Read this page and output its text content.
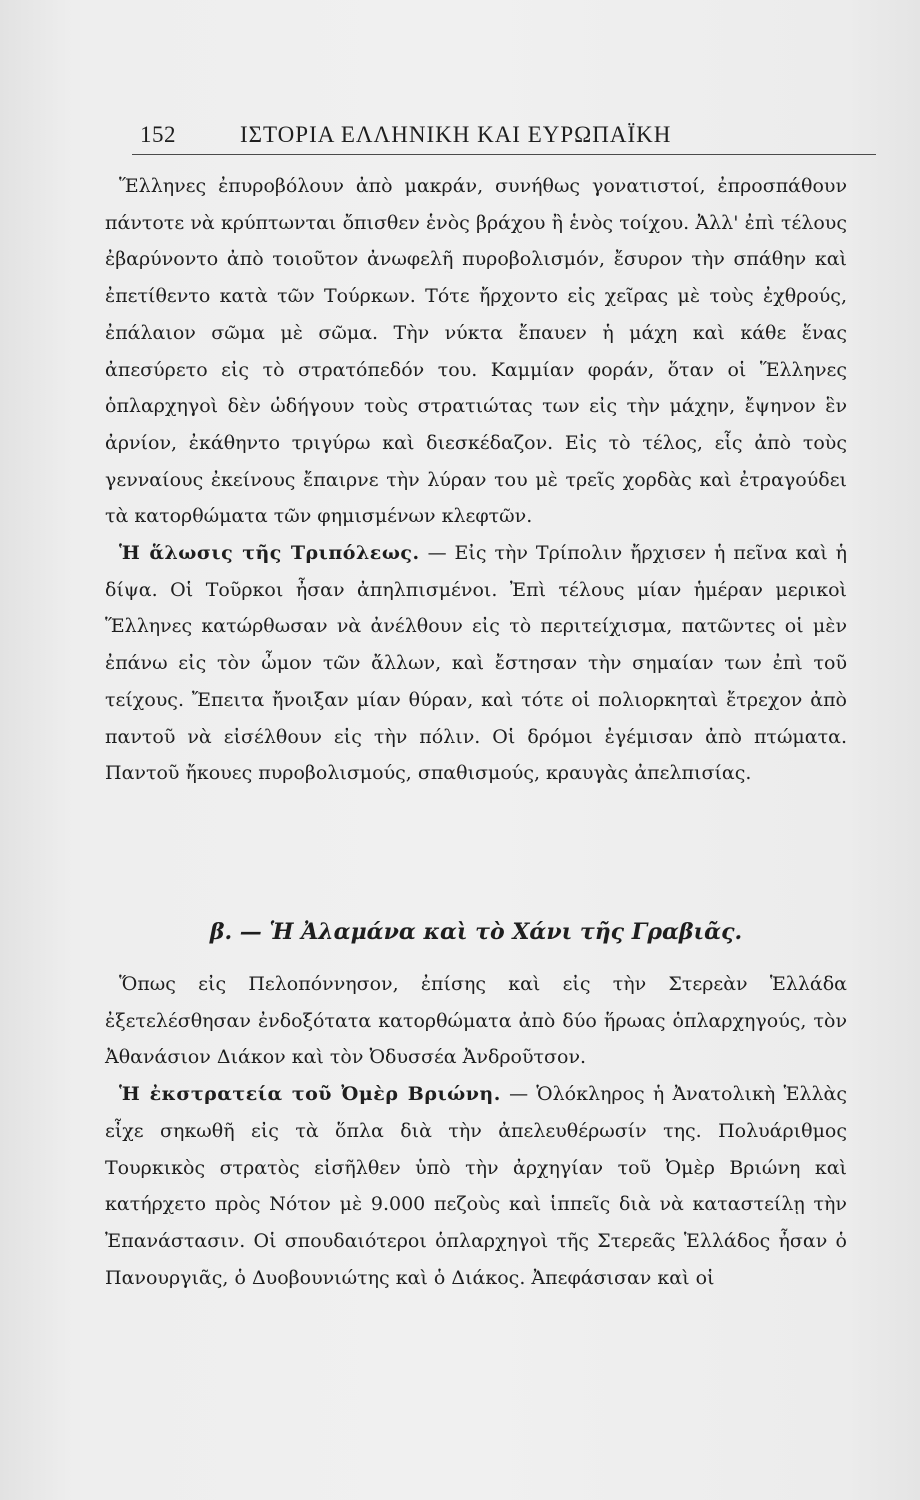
152	ΙΣΤΟΡΙΑ ΕΛΛΗΝΙΚΗ ΚΑΙ ΕΥΡΩΠΑΪΚΗ

Ἕλληνες ἐπυροβόλουν ἀπὸ μακράν, συνήθως γονατιστοί, ἐπροσπάθουν πάντοτε νὰ κρύπτωνται ὄπισθεν ἑνὸς βράχου ἢ ἑνὸς τοίχου. Ἀλλ' ἐπὶ τέλους ἐβαρύνοντο ἀπὸ τοιοῦτον ἀνωφελῆ πυροβολισμόν, ἔσυρον τὴν σπάθην καὶ ἐπετίθεντο κατὰ τῶν Τούρκων. Τότε ἤρχοντο εἰς χεῖρας μὲ τοὺς ἐχθρούς, ἐπάλαιον σῶμα μὲ σῶμα. Τὴν νύκτα ἔπαυεν ἡ μάχη καὶ κάθε ἕνας ἀπεσύρετο εἰς τὸ στρατόπεδόν του. Καμμίαν φοράν, ὅταν οἱ Ἕλληνες ὁπλαρχηγοὶ δὲν ὡδήγουν τοὺς στρατιώτας των εἰς τὴν μάχην, ἔψηνον ἓν ἀρνίον, ἐκάθηντο τριγύρω καὶ διεσκέδαζον. Εἰς τὸ τέλος, εἷς ἀπὸ τοὺς γενναίους ἐκείνους ἔπαιρνε τὴν λύραν του μὲ τρεῖς χορδὰς καὶ ἐτραγούδει τὰ κατορθώματα τῶν φημισμένων κλεφτῶν.

Ἡ ἅλωσις τῆς Τριπόλεως. — Εἰς τὴν Τρίπολιν ἤρχισεν ἡ πεῖνα καὶ ἡ δίψα. Οἱ Τοῦρκοι ἦσαν ἀπηλπισμένοι. Ἐπὶ τέλους μίαν ἡμέραν μερικοὶ Ἕλληνες κατώρθωσαν νὰ ἀνέλθουν εἰς τὸ περιτείχισμα, πατῶντες οἱ μὲν ἐπάνω εἰς τὸν ὦμον τῶν ἄλλων, καὶ ἔστησαν τὴν σημαίαν των ἐπὶ τοῦ τείχους. Ἔπειτα ἤνοιξαν μίαν θύραν, καὶ τότε οἱ πολιορκηταὶ ἔτρεχον ἀπὸ παντοῦ νὰ εἰσέλθουν εἰς τὴν πόλιν. Οἱ δρόμοι ἐγέμισαν ἀπὸ πτώματα. Παντοῦ ἤκουες πυροβολισμούς, σπαθισμούς, κραυγὰς ἀπελπισίας.

β. — Ἡ Ἀλαμάνα καὶ τὸ Χάνι τῆς Γραβιᾶς.

Ὅπως εἰς Πελοπόννησον, ἐπίσης καὶ εἰς τὴν Στερεὰν Ἑλλάδα ἐξετελέσθησαν ἐνδοξότατα κατορθώματα ἀπὸ δύο ἥρωας ὁπλαρχηγούς, τὸν Ἀθανάσιον Διάκον καὶ τὸν Ὀδυσσέα Ἀνδροῦτσον.

Ἡ ἐκστρατεία τοῦ Ὀμὲρ Βριώνη. — Ὁλόκληρος ἡ Ἀνατολικὴ Ἑλλὰς εἶχε σηκωθῆ εἰς τὰ ὅπλα διὰ τὴν ἀπελευθέρωσίν της. Πολυάριθμος Τουρκικὸς στρατὸς εἰσῆλθεν ὑπὸ τὴν ἀρχηγίαν τοῦ Ὀμὲρ Βριώνη καὶ κατήρχετο πρὸς Νότον μὲ 9.000 πεζοὺς καὶ ἱππεῖς διὰ νὰ καταστείλῃ τὴν Ἐπανάστασιν. Οἱ σπουδαιότεροι ὁπλαρχηγοὶ τῆς Στερεᾶς Ἑλλάδος ἦσαν ὁ Πανουργιᾶς, ὁ Δυοβουνιώτης καὶ ὁ Διάκος. Ἀπεφάσισαν καὶ οἱ
